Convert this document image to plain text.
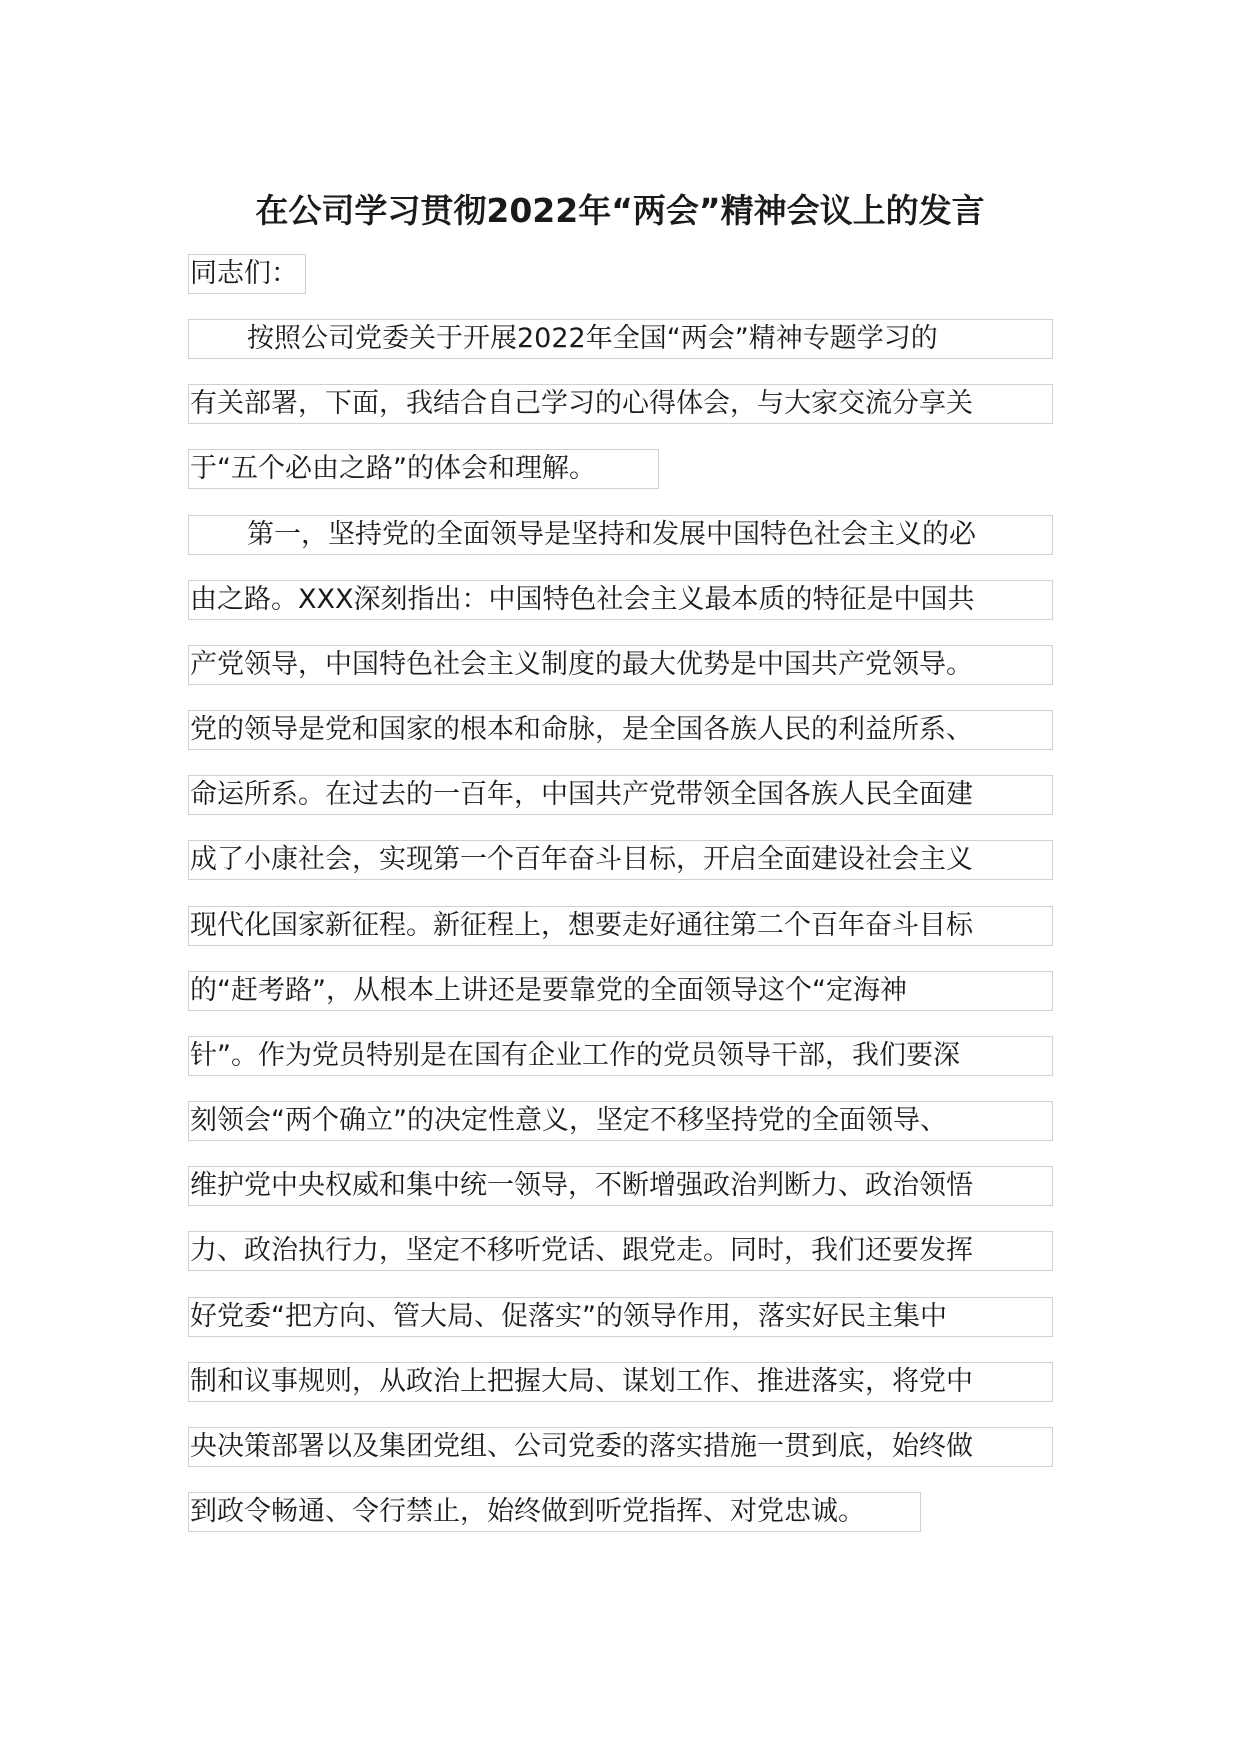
在公司学习贯彻2022年“两会”精神会议上的发言
同志们：
按照公司党委关于开展2022年全国“两会”精神专题学习的
有关部署，下面，我结合自己学习的心得体会，与大家交流分享关
于“五个必由之路”的体会和理解。
第一，坚持党的全面领导是坚持和发展中国特色社会主义的必
由之路。XXX深刻指出：中国特色社会主义最本质的特征是中国共
产党领导，中国特色社会主义制度的最大优势是中国共产党领导。
党的领导是党和国家的根本和命脉，是全国各族人民的利益所系、
命运所系。在过去的一百年，中国共产党带领全国各族人民全面建
成了小康社会，实现第一个百年奋斗目标，开启全面建设社会主义
现代化国家新征程。新征程上，想要走好通往第二个百年奋斗目标
的“赶考路”，从根本上讲还是要靠党的全面领导这个“定海神
针”。作为党员特别是在国有企业工作的党员领导干部，我们要深
刻领会“两个确立”的决定性意义，坚定不移坚持党的全面领导、
维护党中央权威和集中统一领导，不断增强政治判断力、政治领悟
力、政治执行力，坚定不移听党话、跟党走。同时，我们还要发挥
好党委“把方向、管大局、促落实”的领导作用，落实好民主集中
制和议事规则，从政治上把握大局、谋划工作、推进落实，将党中
央决策部署以及集团党组、公司党委的落实措施一贯到底，始终做
到政令畅通、令行禁止，始终做到听党指挥、对党忠诚。
